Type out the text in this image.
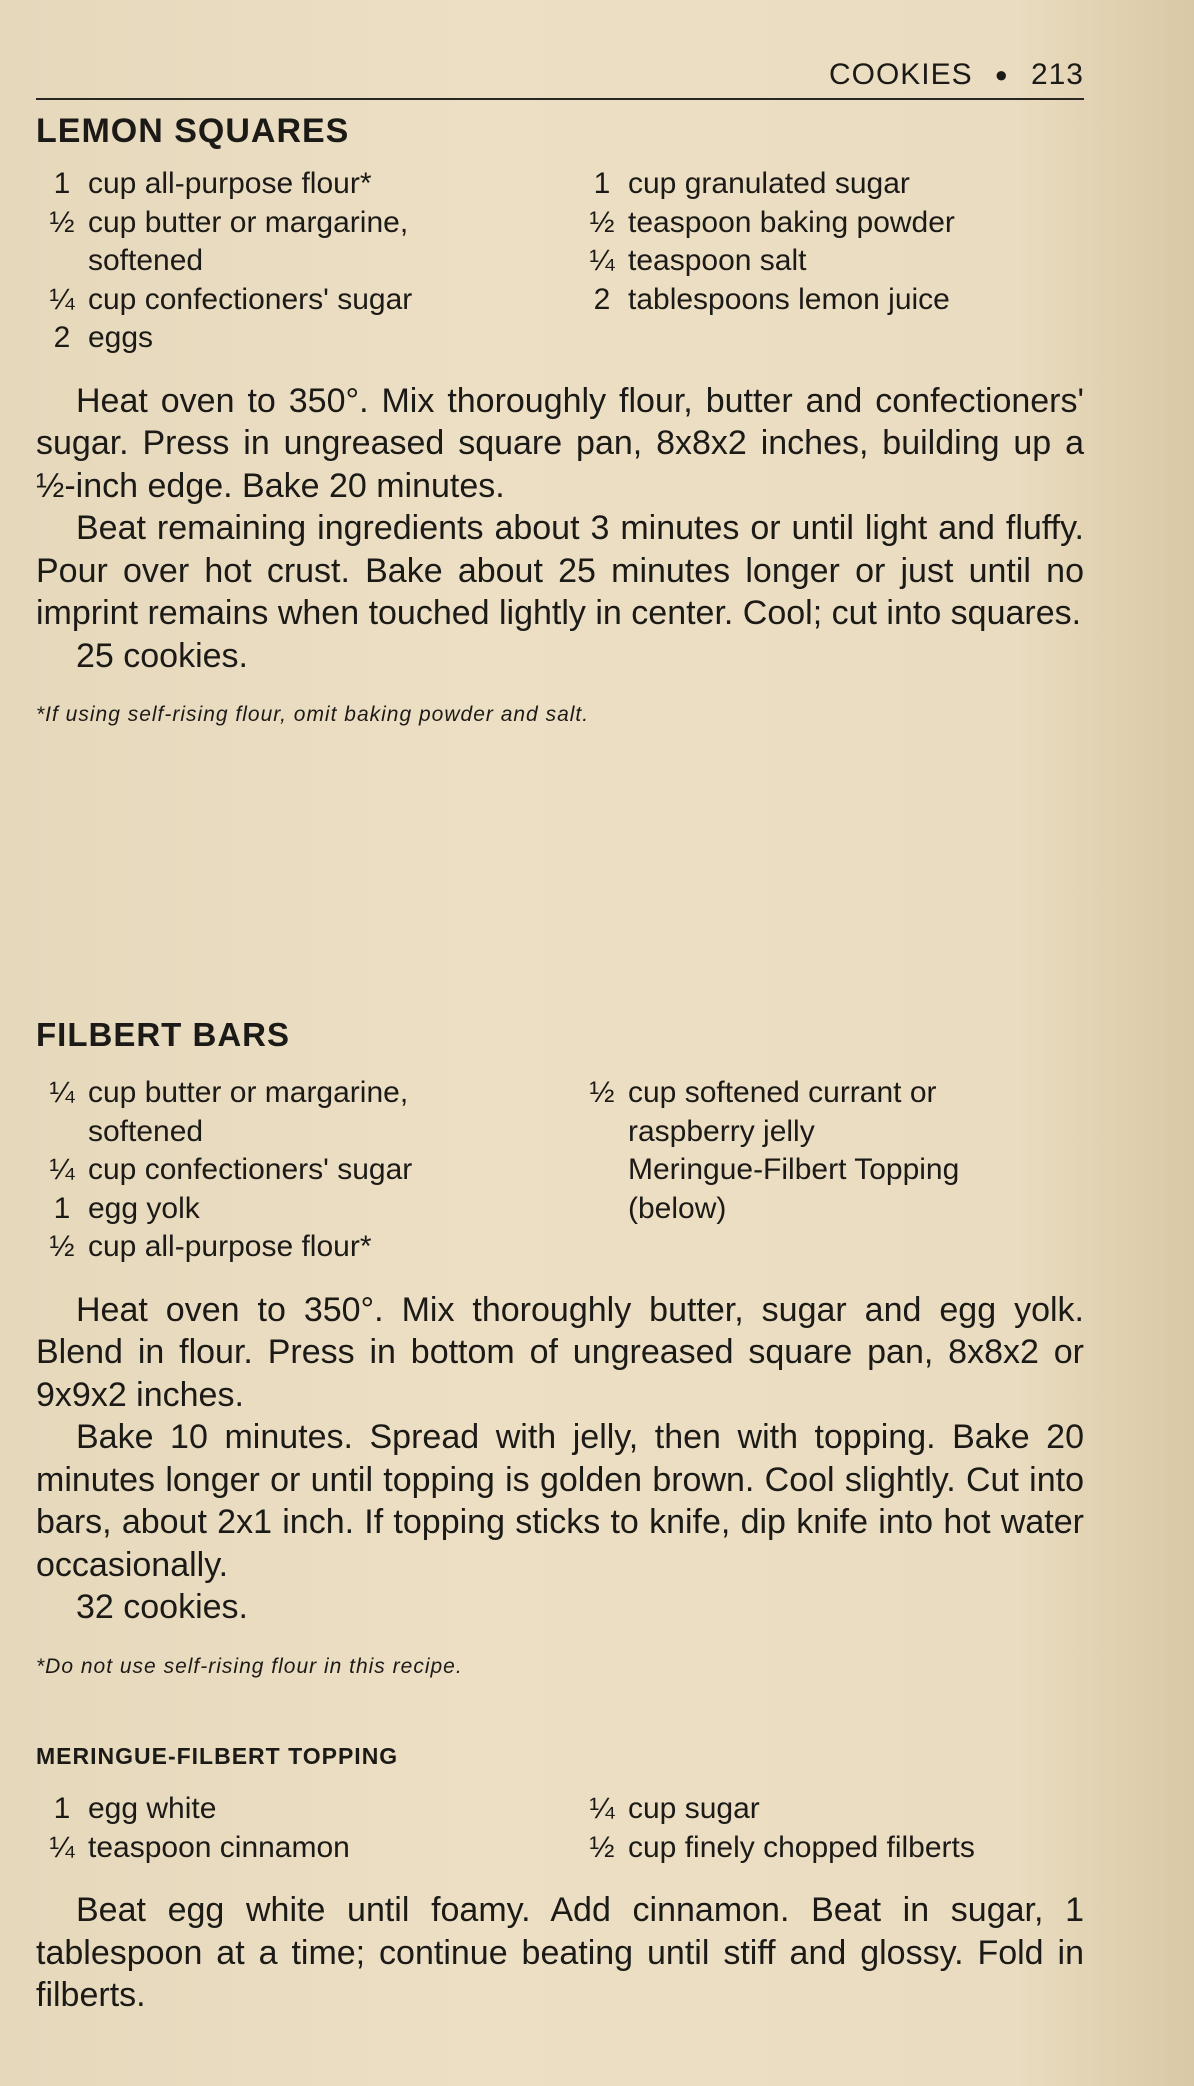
COOKIES ● 213
LEMON SQUARES
1 cup all-purpose flour*
½ cup butter or margarine, softened
¼ cup confectioners' sugar
2 eggs
1 cup granulated sugar
½ teaspoon baking powder
¼ teaspoon salt
2 tablespoons lemon juice

Heat oven to 350°. Mix thoroughly flour, butter and confectioners' sugar. Press in ungreased square pan, 8x8x2 inches, building up a ½-inch edge. Bake 20 minutes.

Beat remaining ingredients about 3 minutes or until light and fluffy. Pour over hot crust. Bake about 25 minutes longer or just until no imprint remains when touched lightly in center. Cool; cut into squares.

25 cookies.
*If using self-rising flour, omit baking powder and salt.
FILBERT BARS
¼ cup butter or margarine, softened
¼ cup confectioners' sugar
1 egg yolk
½ cup all-purpose flour*
½ cup softened currant or raspberry jelly
Meringue-Filbert Topping (below)

Heat oven to 350°. Mix thoroughly butter, sugar and egg yolk. Blend in flour. Press in bottom of ungreased square pan, 8x8x2 or 9x9x2 inches.

Bake 10 minutes. Spread with jelly, then with topping. Bake 20 minutes longer or until topping is golden brown. Cool slightly. Cut into bars, about 2x1 inch. If topping sticks to knife, dip knife into hot water occasionally.

32 cookies.
*Do not use self-rising flour in this recipe.
MERINGUE-FILBERT TOPPING
1 egg white
¼ teaspoon cinnamon
¼ cup sugar
½ cup finely chopped filberts

Beat egg white until foamy. Add cinnamon. Beat in sugar, 1 tablespoon at a time; continue beating until stiff and glossy. Fold in filberts.
